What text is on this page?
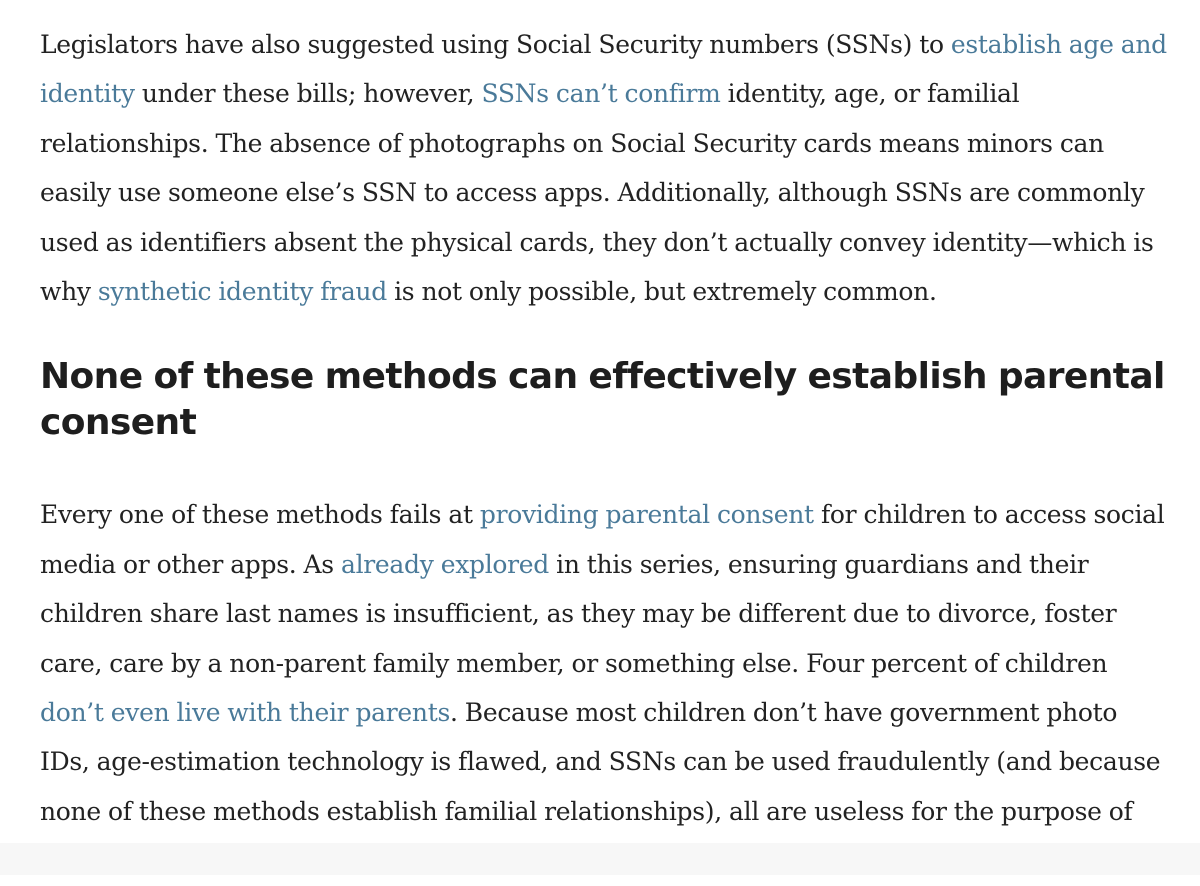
Legislators have also suggested using Social Security numbers (SSNs) to establish age and identity under these bills; however, SSNs can’t confirm identity, age, or familial relationships. The absence of photographs on Social Security cards means minors can easily use someone else’s SSN to access apps. Additionally, although SSNs are commonly used as identifiers absent the physical cards, they don’t actually convey identity—which is why synthetic identity fraud is not only possible, but extremely common.

None of these methods can effectively establish parental consent

Every one of these methods fails at providing parental consent for children to access social media or other apps. As already explored in this series, ensuring guardians and their children share last names is insufficient, as they may be different due to divorce, foster care, care by a non-parent family member, or something else. Four percent of children don’t even live with their parents. Because most children don’t have government photo IDs, age-estimation technology is flawed, and SSNs can be used fraudulently (and because none of these methods establish familial relationships), all are useless for the purpose of
